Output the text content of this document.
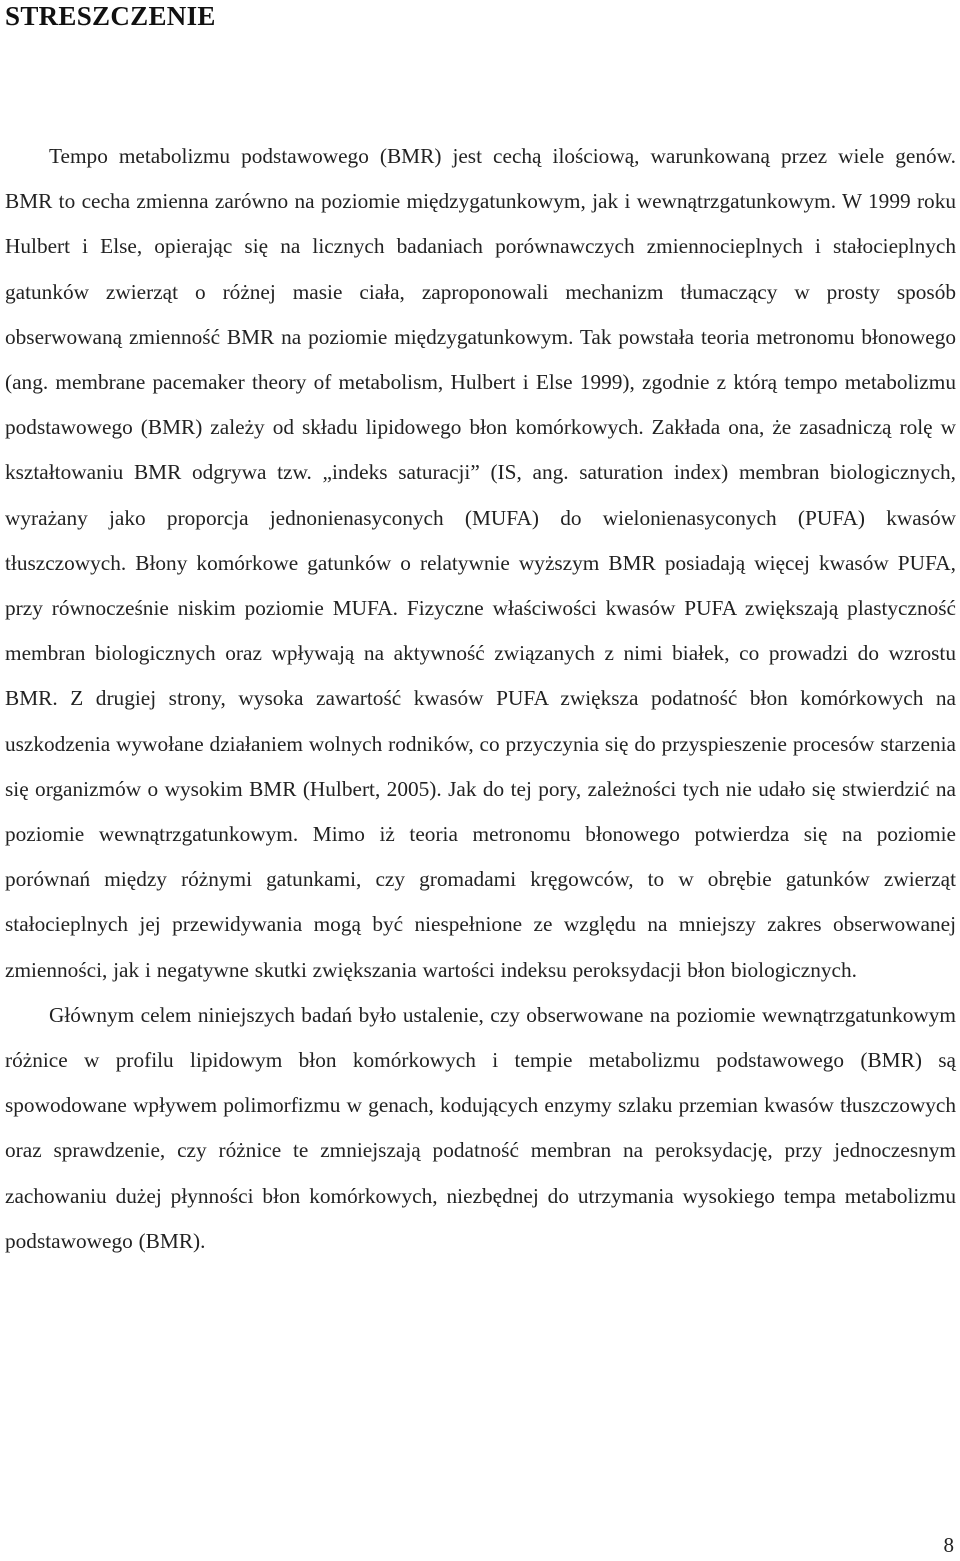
STRESZCZENIE

Tempo metabolizmu podstawowego (BMR) jest cechą ilościową, warunkowaną przez wiele genów. BMR to cecha zmienna zarówno na poziomie międzygatunkowym, jak i wewnątrzgatunkowym. W 1999 roku Hulbert i Else, opierając się na licznych badaniach porównawczych zmiennocieplnych i stałocieplnych gatunków zwierząt o różnej masie ciała, zaproponowali mechanizm tłumaczący w prosty sposób obserwowaną zmienność BMR na poziomie międzygatunkowym. Tak powstała teoria metronomu błonowego (ang. membrane pacemaker theory of metabolism, Hulbert i Else 1999), zgodnie z którą tempo metabolizmu podstawowego (BMR) zależy od składu lipidowego błon komórkowych. Zakłada ona, że zasadniczą rolę w kształtowaniu BMR odgrywa tzw. „indeks saturacji” (IS, ang. saturation index) membran biologicznych, wyrażany jako proporcja jednonienasyconych (MUFA) do wielonienasyconych (PUFA) kwasów tłuszczowych. Błony komórkowe gatunków o relatywnie wyższym BMR posiadają więcej kwasów PUFA, przy równocześnie niskim poziomie MUFA. Fizyczne właściwości kwasów PUFA zwiększają plastyczność membran biologicznych oraz wpływają na aktywność związanych z nimi białek, co prowadzi do wzrostu BMR. Z drugiej strony, wysoka zawartość kwasów PUFA zwiększa podatność błon komórkowych na uszkodzenia wywołane działaniem wolnych rodników, co przyczynia się do przyspieszenie procesów starzenia się organizmów o wysokim BMR (Hulbert, 2005). Jak do tej pory, zależności tych nie udało się stwierdzić na poziomie wewnątrzgatunkowym. Mimo iż teoria metronomu błonowego potwierdza się na poziomie porównań między różnymi gatunkami, czy gromadami kręgowców, to w obrębie gatunków zwierząt stałocieplnych jej przewidywania mogą być niespełnione ze względu na mniejszy zakres obserwowanej zmienności, jak i negatywne skutki zwiększania wartości indeksu peroksydacji błon biologicznych.

Głównym celem niniejszych badań było ustalenie, czy obserwowane na poziomie wewnątrzgatunkowym różnice w profilu lipidowym błon komórkowych i tempie metabolizmu podstawowego (BMR) są spowodowane wpływem polimorfizmu w genach, kodujących enzymy szlaku przemian kwasów tłuszczowych oraz sprawdzenie, czy różnice te zmniejszają podatność membran na peroksydację, przy jednoczesnym zachowaniu dużej płynności błon komórkowych, niezbędnej do utrzymania wysokiego tempa metabolizmu podstawowego (BMR).

8
